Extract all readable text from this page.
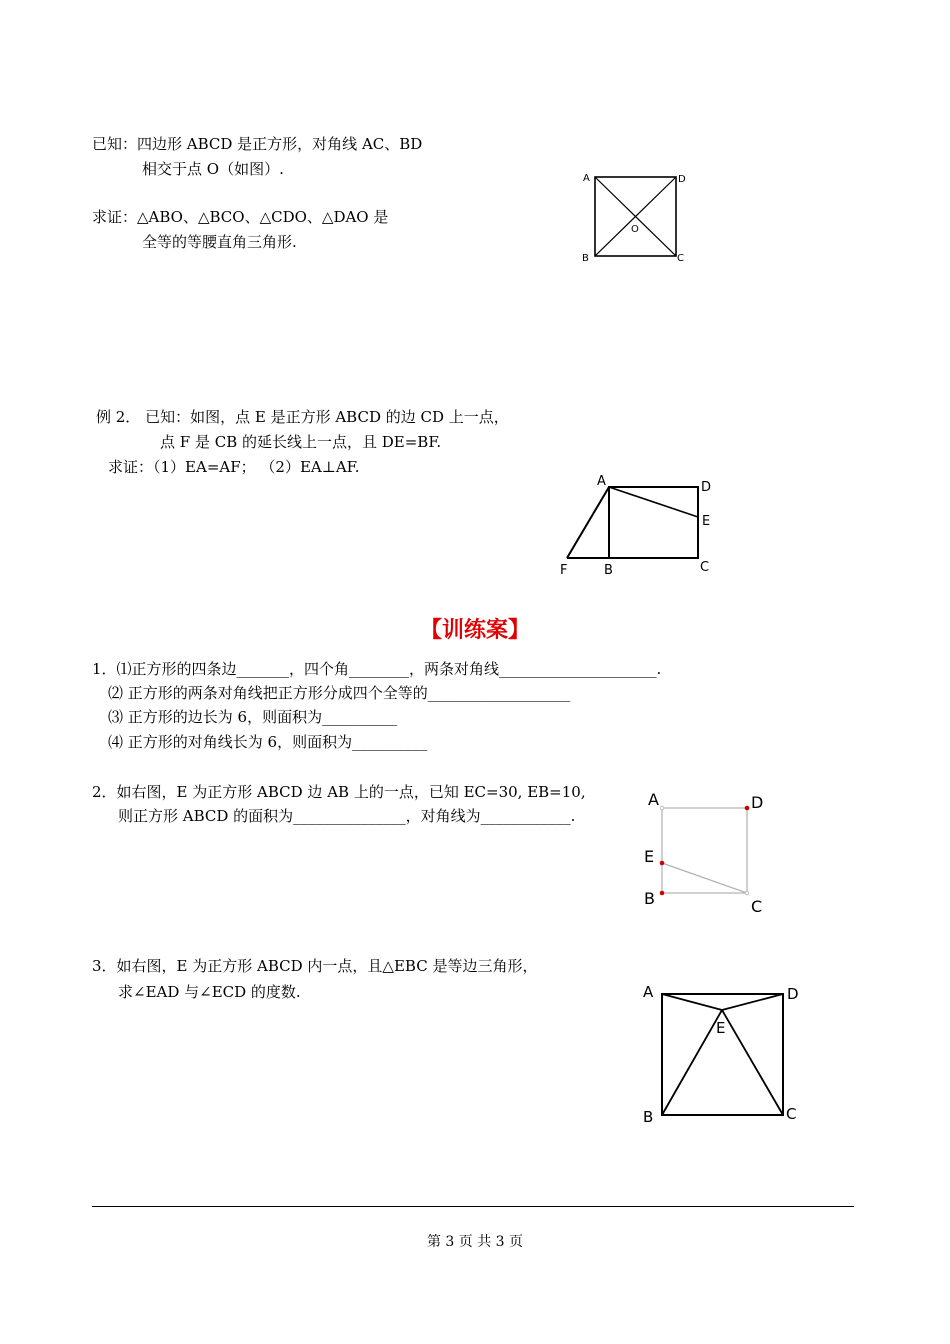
已知：四边形 ABCD 是正方形，对角线 AC、BD
相交于点 O（如图）.
求证：△ABO、△BCO、△CDO、△DAO 是
全等的等腰直角三角形.
A	D
B	C
O
例 2． 已知：如图，点 E 是正方形 ABCD 的边 CD 上一点，
点 F 是 CB 的延长线上一点，且 DE=BF.
求证：（1）EA=AF； （2）EA⊥AF.
A	D
E
C
B
F
【训练案】
1．⑴正方形的四条边_______，四个角________，两条对角线_____________________.
⑵ 正方形的两条对角线把正方形分成四个全等的___________________
⑶ 正方形的边长为 6，则面积为__________
⑷ 正方形的对角线长为 6，则面积为__________
2．如右图，E 为正方形 ABCD 边 AB 上的一点，已知 EC=30, EB=10,
则正方形 ABCD 的面积为_______________，对角线为____________.
A	D
E
B	C
3．如右图，E 为正方形 ABCD 内一点，且△EBC 是等边三角形，
求∠EAD 与∠ECD 的度数.	A	D
E
B	C
第 3 页 共 3 页
